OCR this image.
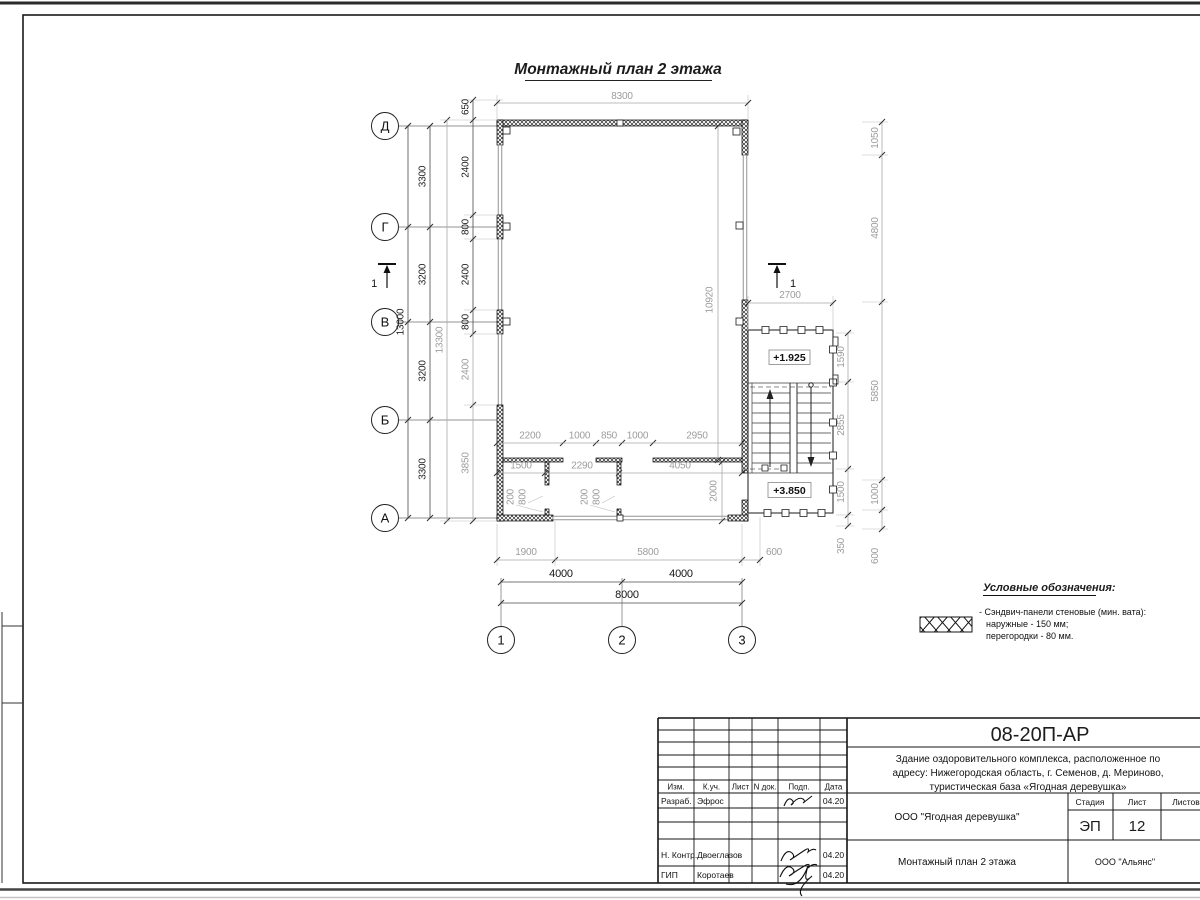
Монтажный план 2 этажа
Д
Г
В
Б
А
1	1
+1.925
+3.850
8300
650
13000
3300
3200
3200
3300
13300
2400
800
2400
800
2400
3850
1050
4800
5850
1000
600
1590
2855
1500
350
2700
10920
2200	1000 850 1000	2950
1500	2290	4050
200 800	200 800	2000
1900	5800	600
4000	4000
8000
1	2	3
Условные обозначения:
- Сэндвич-панели стеновые (мин. вата):
наружные - 150 мм;
перегородки - 80 мм.
08-20П-АР
Здание оздоровительного комплекса, расположенное по
адресу: Нижегородская область, г. Семенов, д. Мериново,
туристическая база «Ягодная деревушка»
ООО "Ягодная деревушка"
Монтажный план 2 этажа	ООО "Альянс"
Стадия	Лист	Листов
ЭП 12
Изм. К.уч. Лист N док. Подп. Дата
Разраб. Эфрос	04.20
Н. Контр. Двоеглазов	04.20
ГИП Коротаев	04.20
